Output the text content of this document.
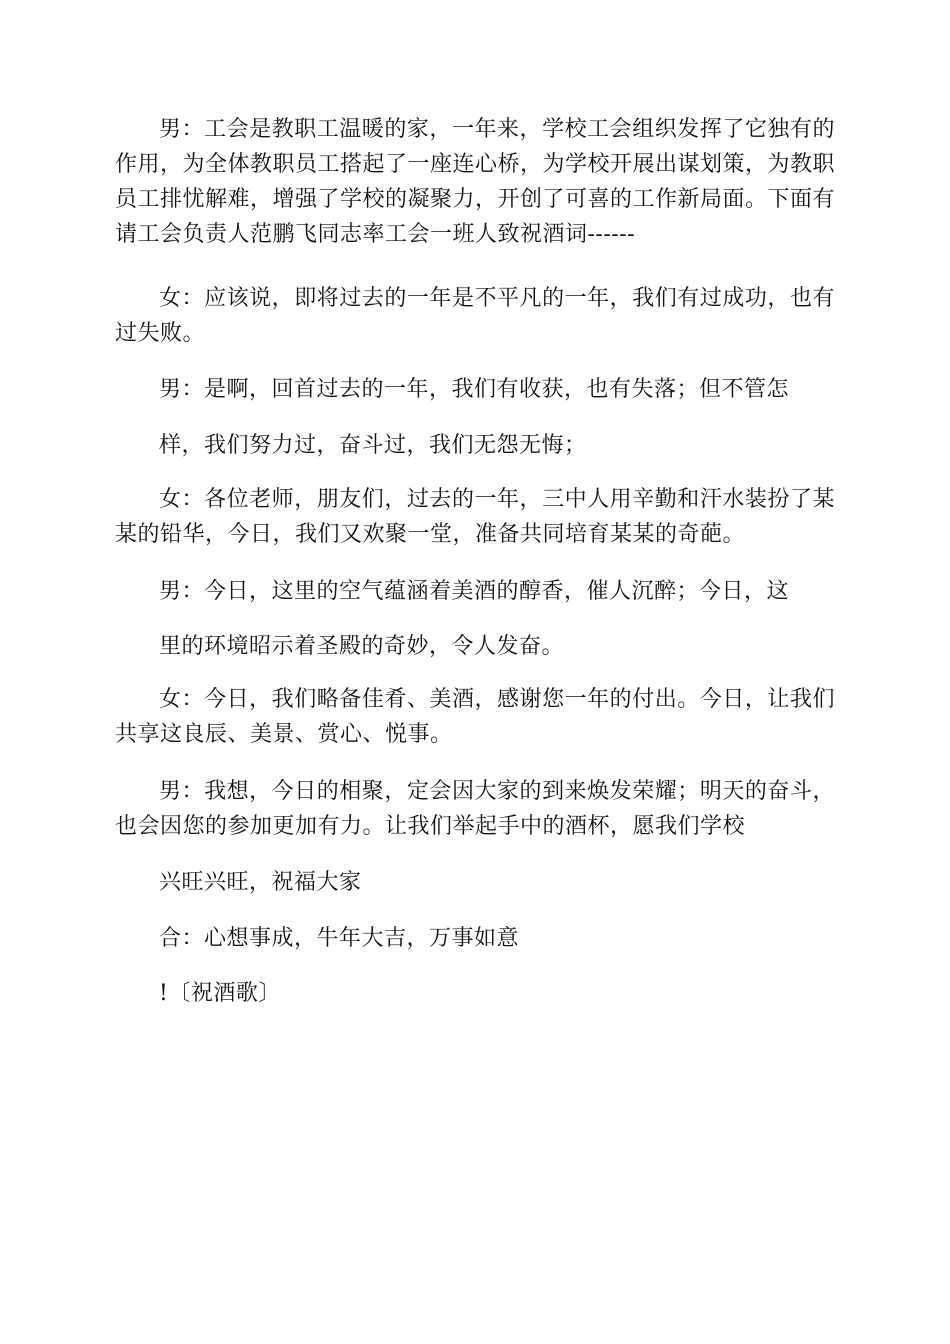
男：工会是教职工温暖的家，一年来，学校工会组织发挥了它独有的作用，为全体教职员工搭起了一座连心桥，为学校开展出谋划策，为教职员工排忧解难，增强了学校的凝聚力，开创了可喜的工作新局面。下面有请工会负责人范鹏飞同志率工会一班人致祝酒词------

女：应该说，即将过去的一年是不平凡的一年，我们有过成功，也有过失败。

男：是啊，回首过去的一年，我们有收获，也有失落；但不管怎

样，我们努力过，奋斗过，我们无怨无悔；

女：各位老师，朋友们，过去的一年，三中人用辛勤和汗水装扮了某某的铅华，今日，我们又欢聚一堂，准备共同培育某某的奇葩。

男：今日，这里的空气蕴涵着美酒的醇香，催人沉醉；今日，这

里的环境昭示着圣殿的奇妙，令人发奋。

女：今日，我们略备佳肴、美酒，感谢您一年的付出。今日，让我们共享这良辰、美景、赏心、悦事。

男：我想，今日的相聚，定会因大家的到来焕发荣耀；明天的奋斗，也会因您的参加更加有力。让我们举起手中的酒杯，愿我们学校

兴旺兴旺，祝福大家

合：心想事成，牛年大吉，万事如意

!〔祝酒歌〕
